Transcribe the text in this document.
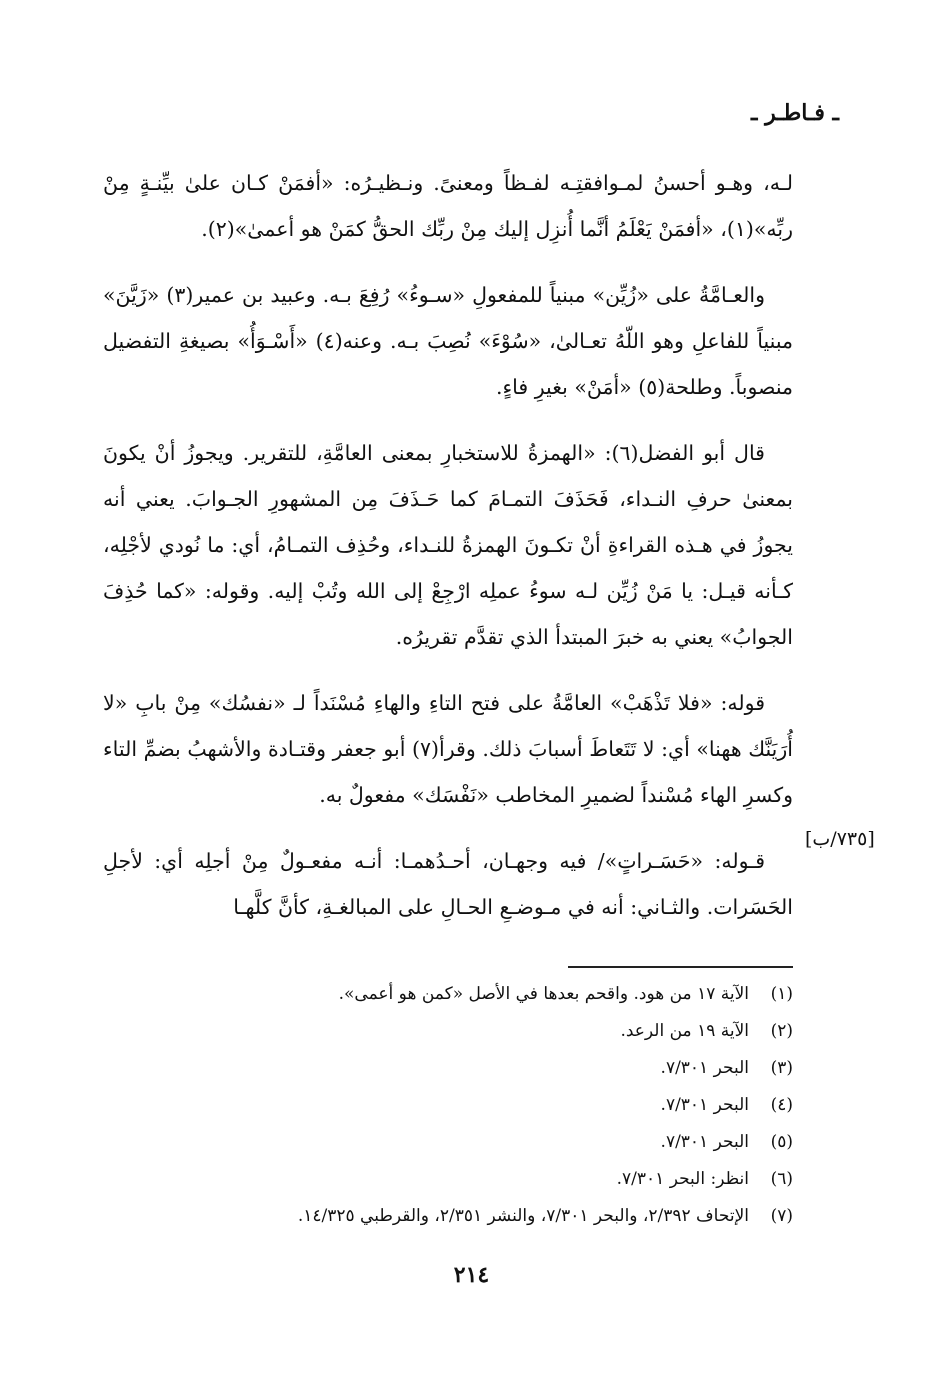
ـ فـاطـر ـ

لـه، وهـو أحسنُ لمـوافقتِـه لفـظاً ومعنىً. ونـظيـرُه: «أفمَنْ كـان علىٰ بيِّنـةٍ مِنْ ربِّه»(١)، «أفمَنْ يَعْلَمُ أنَّما أُنزِل إليك مِنْ ربِّك الحقُّ كمَنْ هو أعمىٰ»(٢).

والعـامَّةُ على «زُيِّن» مبنياً للمفعولِ «سـوءُ» رُفِعَ بـه. وعبيد بن عمير(٣) «زَيَّنَ» مبنياً للفاعلِ وهو اللّهُ تعـالىٰ، «سُوْءَ» نُصِبَ بـه. وعنه(٤) «أَسْـوَأُ» بصيغةِ التفضيل منصوباً. وطلحة(٥) «أمَنْ» بغيرِ فاءٍ.

قال أبو الفضل(٦): «الهمزةُ للاستخبارِ بمعنى العامَّةِ، للتقرير. ويجوزُ أنْ يكونَ بمعنىٰ حرفِ النـداء، فَحَذَفَ التمـامَ كما حَـذَفَ مِن المشهورِ الجـوابَ. يعني أنه يجوزُ في هـذه القراءةِ أنْ تكـونَ الهمزةُ للنـداء، وحُذِف التمـامُ، أي: ما نُودي لأجْلِه، كـأنه قيـل: يا مَنْ زُيِّن لـه سوءُ عملِه ارْجِعْ إلى الله وتُبْ إليه. وقوله: «كما حُذِفَ الجوابُ» يعني به خبرَ المبتدأ الذي تقدَّم تقريرُه.

قوله: «فلا تَذْهَبْ» العامَّةُ على فتح التاءِ والهاءِ مُسْنَداً لـ «نفسُك» مِنْ بابِ «لا أُرَيَنَّك ههنا» أي: لا تَتَعاطَ أسبابَ ذلك. وقرأ(٧) أبو جعفر وقتـادة والأشهبُ بضمِّ التاء وكسرِ الهاء مُسْنداً لضميرِ المخاطب «نَفْسَك» مفعولٌ به.

قـوله: «حَسَـراتٍ»/ فيه وجهـان، أحـدُهمـا: أنـه مفعـولٌ مِنْ أجلِه أي: لأجلِ الحَسَرات. والثـاني: أنه في مـوضـعِ الحـالِ على المبالغـةِ، كأنَّ كلَّهـا

[٧٣٥/ب]
(١)
الآية ١٧ من هود. واقحم بعدها في الأصل «كمن هو أعمى».
(٢)
الآية ١٩ من الرعد.
(٣)
البحر ٧/٣٠١.
(٤)
البحر ٧/٣٠١.
(٥)
البحر ٧/٣٠١.
(٦)
انظر: البحر ٧/٣٠١.
(٧)
الإتحاف ٢/٣٩٢، والبحر ٧/٣٠١، والنشر ٢/٣٥١، والقرطبي ١٤/٣٢٥.
٢١٤
